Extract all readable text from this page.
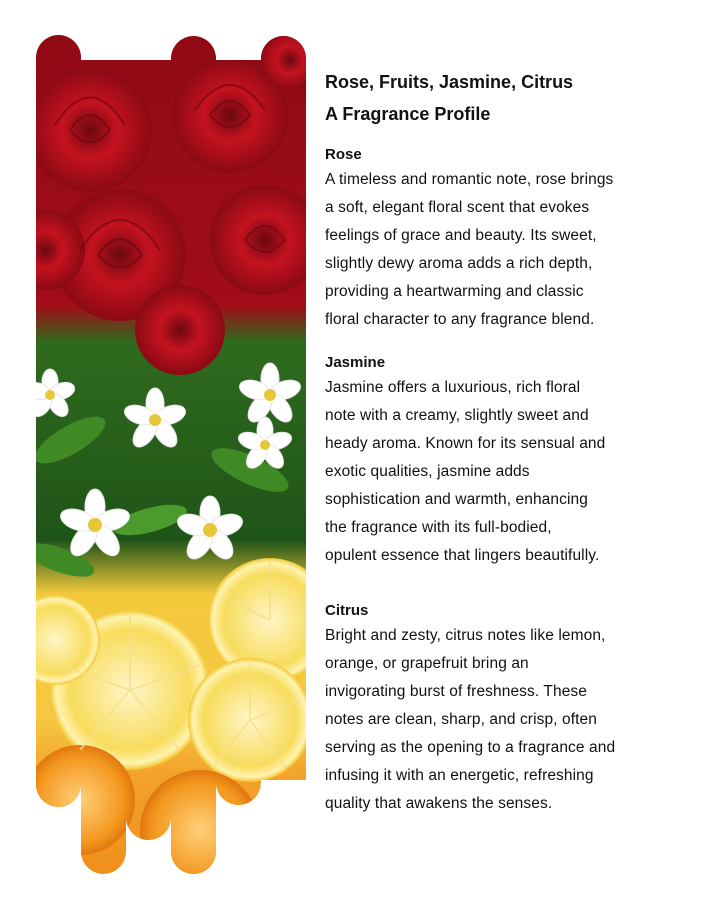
Rose, Fruits, Jasmine, Citrus

A Fragrance Profile

Rose

A timeless and romantic note, rose brings

a soft, elegant floral scent that evokes

feelings of grace and beauty. Its sweet,

slightly dewy aroma adds a rich depth,

providing a heartwarming and classic

floral character to any fragrance blend.

Jasmine

Jasmine offers a luxurious, rich floral

note with a creamy, slightly sweet and

heady aroma. Known for its sensual and

exotic qualities, jasmine adds

sophistication and warmth, enhancing

the fragrance with its full-bodied,

opulent essence that lingers beautifully.

Citrus

Bright and zesty, citrus notes like lemon,

orange, or grapefruit bring an

invigorating burst of freshness. These

notes are clean, sharp, and crisp, often

serving as the opening to a fragrance and

infusing it with an energetic, refreshing

quality that awakens the senses.
